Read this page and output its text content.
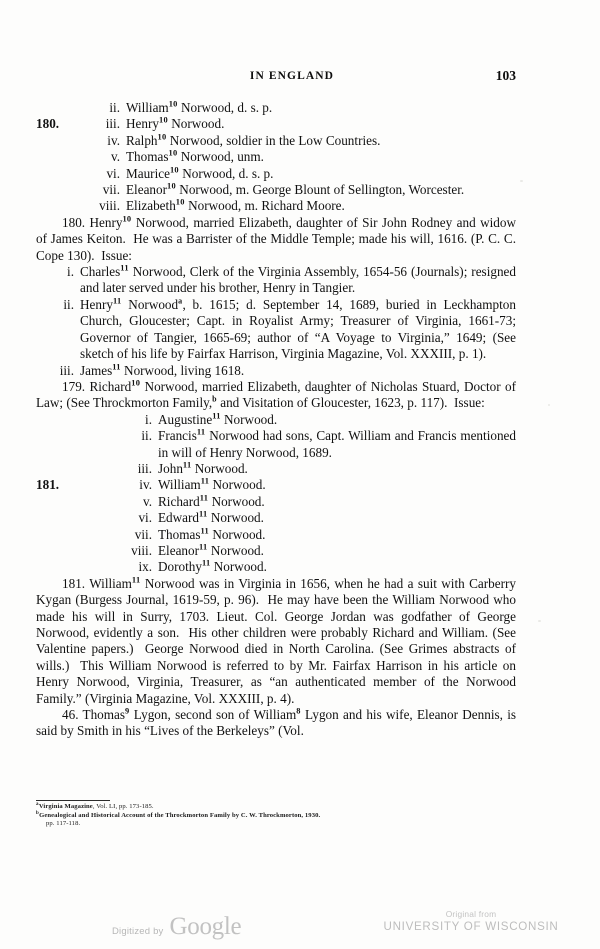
IN ENGLAND	103
ii. William$^{10}$ Norwood, d. s. p.
180.	iii. Henry$^{10}$ Norwood.
iv. Ralph$^{10}$ Norwood, soldier in the Low Countries.
v. Thomas$^{10}$ Norwood, unm.
vi. Maurice$^{10}$ Norwood, d. s. p.
vii. Eleanor$^{10}$ Norwood, m. George Blount of Sellington, Worcester.
viii. Elizabeth$^{10}$ Norwood, m. Richard Moore.

180. Henry$^{10}$ Norwood, married Elizabeth, daughter of Sir John Rodney and widow of James Keiton.  He was a Barrister of the Middle Temple; made his will, 1616. (P. C. C. Cope 130).  Issue:

i. Charles$^{11}$ Norwood, Clerk of the Virginia Assembly, 1654-56 (Journals); resigned and later served under his brother, Henry in Tangier.
ii. Henry$^{11}$ Norwood$^a$, b. 1615; d. September 14, 1689, buried in Leckhampton Church, Gloucester; Capt. in Royalist Army; Treasurer of Virginia, 1661-73; Governor of Tangier, 1665-69; author of “A Voyage to Virginia,” 1649; (See sketch of his life by Fairfax Harrison, Virginia Magazine, Vol. XXXIII, p. 1).
iii. James$^{11}$ Norwood, living 1618.

179. Richard$^{10}$ Norwood, married Elizabeth, daughter of Nicholas Stuard, Doctor of Law; (See Throckmorton Family,$^b$ and Visitation of Gloucester, 1623, p. 117).  Issue:

i. Augustine$^{11}$ Norwood.
ii. Francis$^{11}$ Norwood had sons, Capt. William and Francis mentioned in will of Henry Norwood, 1689.
iii. John$^{11}$ Norwood.
181.	iv. William$^{11}$ Norwood.
v. Richard$^{11}$ Norwood.
vi. Edward$^{11}$ Norwood.
vii. Thomas$^{11}$ Norwood.
viii. Eleanor$^{11}$ Norwood.
ix. Dorothy$^{11}$ Norwood.

181. William$^{11}$ Norwood was in Virginia in 1656, when he had a suit with Carberry Kygan (Burgess Journal, 1619-59, p. 96).  He may have been the William Norwood who made his will in Surry, 1703. Lieut. Col. George Jordan was godfather of George Norwood, evidently a son.  His other children were probably Richard and William. (See Valentine papers.)  George Norwood died in North Carolina. (See Grimes abstracts of wills.)  This William Norwood is referred to by Mr. Fairfax Harrison in his article on Henry Norwood, Virginia, Treasurer, as “an authenticated member of the Norwood Family.” (Virginia Magazine, Vol. XXXIII, p. 4).

46. Thomas$^9$ Lygon, second son of William$^8$ Lygon and his wife, Eleanor Dennis, is said by Smith in his “Lives of the Berkeleys” (Vol.

$^a$Virginia Magazine, Vol. LI, pp. 173-185.
$^b$Genealogical and Historical Account of the Throckmorton Family by C. W. Throckmorton, 1930.
pp. 117-118.
Digitized by Google	Original from
UNIVERSITY OF WISCONSIN
